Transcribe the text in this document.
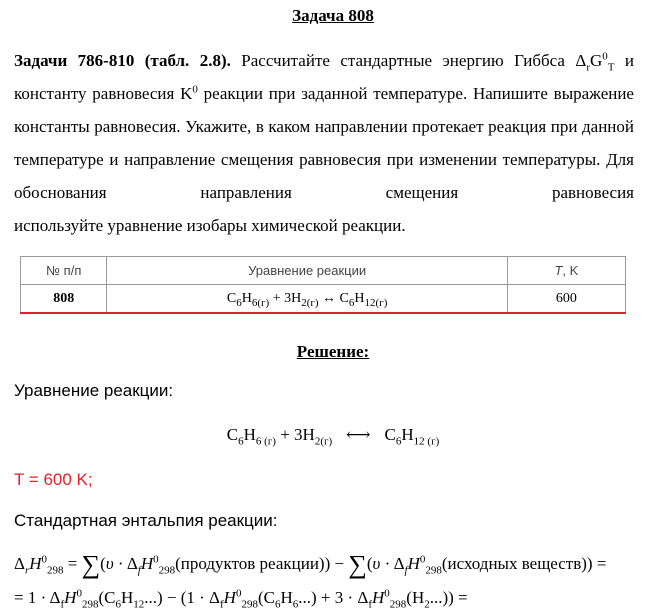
Задача 808
Задачи 786-810 (табл. 2.8). Рассчитайте стандартные энергию Гиббса $\Delta_rG^0_T$ и константу равновесия $K^0$ реакции при заданной температуре. Напишите выражение константы равновесия. Укажите, в каком направлении протекает реакция при данной температуре и направление смещения равновесия при изменении температуры. Для обоснования направления смещения равновесия
используйте уравнение изобары химической реакции.
№ п/п	Уравнение реакции	T, K
808	$C_6H_{6(г)} + 3H_{2(г)}$ ↔ $C_6H_{12(г)}$	600
Решение:
Уравнение реакции:
$C_6H_{6 (г)} + 3H_{2(г)}$ ⟷ $C_6H_{12 (г)}$
T = 600 K;
Стандартная энтальпия реакции:
$\Delta_rH^0_{298} = \sum(\upsilon$ · $\Delta_fH^0_{298}(продуктов$ реакции)) − $\sum(\upsilon \cdot \Delta_fH^0_{298}(исходных$ веществ)) =
= $1 \cdot \Delta_fH^0_{298}(C_6H_{12}...) - (1 \cdot \Delta_fH^0_{298}(C_6H_6...) + 3 \cdot \Delta_fH^0_{298}(H_2...))$ =
